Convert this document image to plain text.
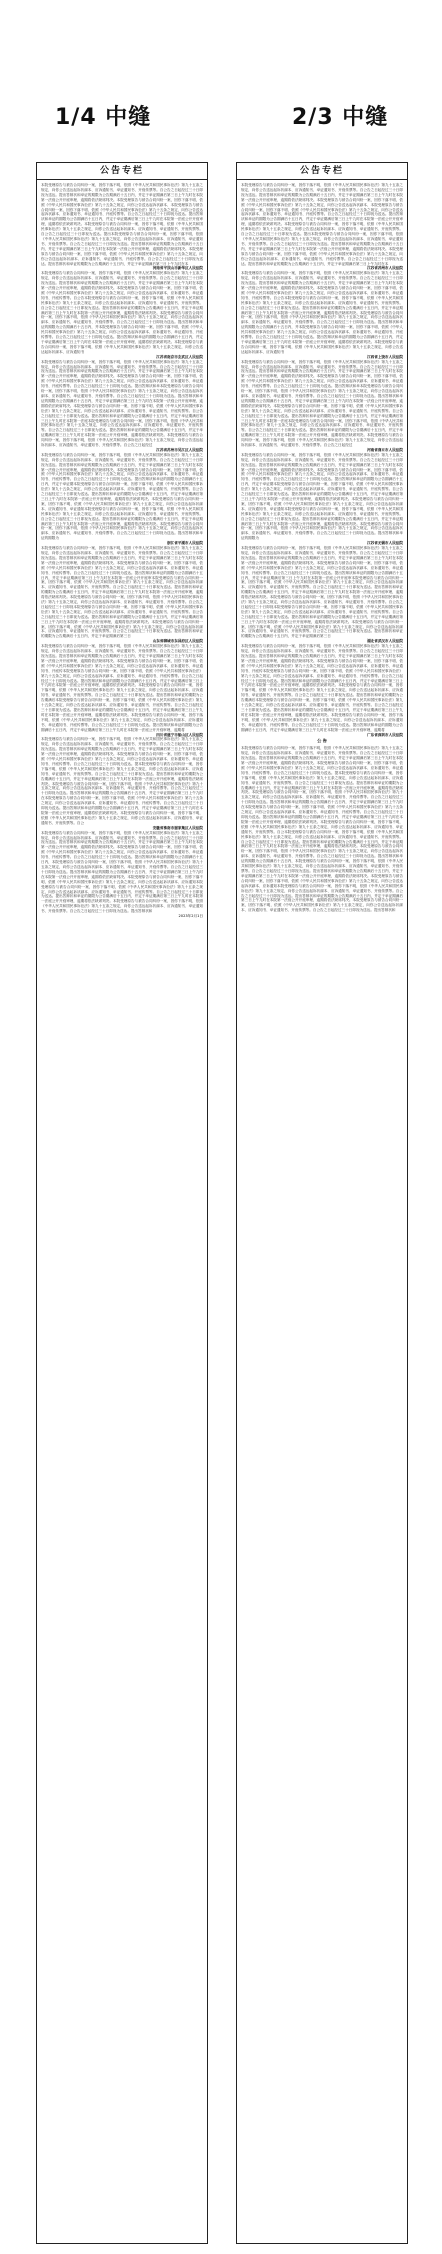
1/4 中缝	2/3 中缝
公告专栏
本院受理原告与被告合同纠纷一案，因你下落不明，依照《中华人民共和国民事诉讼法》第九十五条之规定，向你公告送达起诉状副本、应诉通知书、举证通知书、开庭传票等。自公告之日起经过三十日即视为送达。提出答辩状和举证的期限为公告期满后十五日内，并定于举证期满后第三日上午九时在本院第一法庭公开开庭审理，逾期将依法缺席判决。本院受理原告与被告合同纠纷一案，因你下落不明，依照《中华人民共和国民事诉讼法》第九十五条之规定，向你公告送达起诉状副本、本院受理原告与被告合同纠纷一案，因你下落不明，依照《中华人民共和国民事诉讼法》第九十五条之规定，向你公告送达起诉状副本、应诉通知书、举证通知书、开庭传票等。自公告之日起经过三十日即视为送达。提出答辩状和举证的期限为公告期满后十五日内，并定于举证期满后第三日上午九时在本院第一法庭公开开庭审理，逾期将依法缺席判决。本院受理原告与被告合同纠纷一案，因你下落不明，依照《中华人民共和国民事诉讼法》第九十五条之规定，向你公告送达起诉状副本、应诉通知书、举证通知书、开庭传票等。自公告之日起经过三十日即视为送达。提出本院受理原告与被告合同纠纷一案，因你下落不明，依照《中华人民共和国民事诉讼法》第九十五条之规定，向你公告送达起诉状副本、应诉通知书、举证通知书、开庭传票等。自公告之日起经过三十日即视为送达。提出答辩状和举证的期限为公告期满后十五日内，并定于举证期满后第三日上午九时在本院第一法庭公开开庭审理，逾期将依法缺席判决。本院受理原告与被告合同纠纷一案，因你下落不明，依照《中华人民共和国民事诉讼法》第九十五条之规定，向你公告送达起诉状副本、应诉通知书、举证通知书、开庭传票等。自公告之日起经过三十日即视为送达。提出答辩状和举证的期限为公告期满后十五日内，并定于举证期满后第三日上午九时在本
河南省平顶山市新华区人民法院
本院受理原告与被告合同纠纷一案，因你下落不明，依照《中华人民共和国民事诉讼法》第九十五条之规定，向你公告送达起诉状副本、应诉通知书、举证通知书、开庭传票等。自公告之日起经过三十日即视为送达。提出答辩状和举证的期限为公告期满后十五日内，并定于举证期满后第三日上午九时在本院第一法庭公开开庭审理，逾期将依法缺席判决。本院受理原告与被告合同纠纷一案，因你下落不明，依照《中华人民共和国民事诉讼法》第九十五条之规定，向你公告送达起诉状副本、应诉通知书、举证通知书、开庭传票等。自公告本院受理原告与被告合同纠纷一案，因你下落不明，依照《中华人民共和国民事诉讼法》第九十五条之规定，向你公告送达起诉状副本、应诉通知书、举证通知书、开庭传票等。自公告之日起经过三十日即视为送达。提出答辩状和举证的期限为公告期满后十五日内，并定于举证期满后第三日上午九时在本院第一法庭公开开庭审理，逾期将依法缺席判决。本院受理原告与被告合同纠纷一案，因你下落不明，依照《中华人民共和国民事诉讼法》第九十五条之规定，向你公告送达起诉状副本、应诉通知书、举证通知书、开庭传票等。自公告之日起经过三十日即视为送达。提出答辩状和举证的期限为公告期满后十五日内，并本院受理原告与被告合同纠纷一案，因你下落不明，依照《中华人民共和国民事诉讼法》第九十五条之规定，向你公告送达起诉状副本、应诉通知书、举证通知书、开庭传票等。自公告之日起经过三十日即视为送达。提出答辩状和举证的期限为公告期满后十五日内，并定于举证期满后第三日上午九时在本院第一法庭公开开庭审理，逾期将依法缺席判决。本院受理原告与被告合同纠纷一案，因你下落不明，依照《中华人民共和国民事诉讼法》第九十五条之规定，向你公告送达起诉状副本、应诉通知书
江苏省南京市玄武区人民法院
本院受理原告与被告合同纠纷一案，因你下落不明，依照《中华人民共和国民事诉讼法》第九十五条之规定，向你公告送达起诉状副本、应诉通知书、举证通知书、开庭传票等。自公告之日起经过三十日即视为送达。提出答辩状和举证的期限为公告期满后十五日内，并定于举证期满后第三日上午九时在本院第一法庭公开开庭审理，逾期将依法缺席判决。本院受理原告与被告合同纠纷一案，因你下落不明，依照《中华人民共和国民事诉讼法》第九十五条之规定，向你公告送达起诉状副本、应诉通知书、举证通知书、开庭传票等。自公告之日起经过三十日即视为送达。提出答辩状和举本院受理原告与被告合同纠纷一案，因你下落不明，依照《中华人民共和国民事诉讼法》第九十五条之规定，向你公告送达起诉状副本、应诉通知书、举证通知书、开庭传票等。自公告之日起经过三十日即视为送达。提出答辩状和举证的期限为公告期满后十五日内，并定于举证期满后第三日上午九时在本院第一法庭公开开庭审理，逾期将依法缺席判决。本院受理原告与被告合同纠纷一案，因你下落不明，依照《中华人民共和国民事诉讼法》第九十五条之规定，向你公告送达起诉状副本、应诉通知书、举证通知书、开庭传票等。自公告之日起经过三十日即视为送达。提出答辩状和举证的期限为公告期满后十五日内，并定于举证期满后第三日上午九时在本院第一法庭本院受理原告与被告合同纠纷一案，因你下落不明，依照《中华人民共和国民事诉讼法》第九十五条之规定，向你公告送达起诉状副本、应诉通知书、举证通知书、开庭传票等。自公告之日起经过三十日即视为送达。提出答辩状和举证的期限为公告期满后十五日内，并定于举证期满后第三日上午九时在本院第一法庭公开开庭审理，逾期将依法缺席判决。本院受理原告与被告合同纠纷一案，因你下落不明，依照《中华人民共和国民事诉讼法》第九十五条之规定，向你公告送达起诉状副本、应诉通知书、举证通知书、开庭传票等。自公告之日起经过
江苏省苏州市吴江区人民法院
本院受理原告与被告合同纠纷一案，因你下落不明，依照《中华人民共和国民事诉讼法》第九十五条之规定，向你公告送达起诉状副本、应诉通知书、举证通知书、开庭传票等。自公告之日起经过三十日即视为送达。提出答辩状和举证的期限为公告期满后十五日内，并定于举证期满后第三日上午九时在本院第一法庭公开开庭审理，逾期将依法缺席判决。本院受理原告与被告合同纠纷一案，因你下落不明，依照《中华人民共和国民事诉讼法》第九十五条之规定，向你公告送达起诉状副本、应诉通知书、举证通知书、开庭传票等。自公告之日起经过三十日即视为送达。提出答辩状和举证的期限为公告期满后十五日内，并定于举证期本院受理原告与被告合同纠纷一案，因你下落不明，依照《中华人民共和国民事诉讼法》第九十五条之规定，向你公告送达起诉状副本、应诉通知书、举证通知书、开庭传票等。自公告之日起经过三十日即视为送达。提出答辩状和举证的期限为公告期满后十五日内，并定于举证期满后第三日上午九时在本院第一法庭公开开庭审理，逾期将依法缺席判决。本院受理原告与被告合同纠纷一案，因你下落不明，依照《中华人民共和国民事诉讼法》第九十五条之规定，向你公告送达起诉状副本、应诉通知书、举证通知本院受理原告与被告合同纠纷一案，因你下落不明，依照《中华人民共和国民事诉讼法》第九十五条之规定，向你公告送达起诉状副本、应诉通知书、举证通知书、开庭传票等。自公告之日起经过三十日即视为送达。提出答辩状和举证的期限为公告期满后十五日内，并定于举证期满后第三日上午九时在本院第一法庭公开开庭审理，逾期将依法缺席判决。本院受理原告与被告合同纠纷一案，因你下落不明，依照《中华人民共和国民事诉讼法》第九十五条之规定，向你公告送达起诉状副本、应诉通知书、举证通知书、开庭传票等。自公告之日起经过三十日即视为送达。提出答辩状和举证的期限为
浙江省平湖市人民法院
本院受理原告与被告合同纠纷一案，因你下落不明，依照《中华人民共和国民事诉讼法》第九十五条之规定，向你公告送达起诉状副本、应诉通知书、举证通知书、开庭传票等。自公告之日起经过三十日即视为送达。提出答辩状和举证的期限为公告期满后十五日内，并定于举证期满后第三日上午九时在本院第一法庭公开开庭审理，逾期将依法缺席判决。本院受理原告与被告合同纠纷一案，因你下落不明，依照《中华人民共和国民事诉讼法》第九十五条之规定，向你公告送达起诉状副本、应诉通知书、举证通知书、开庭传票等。自公告之日起经过三十日即视为送达。提出答辩状和举证的期限为公告期满后十五日内，并定于举证期满后第三日上午九时在本院第一法庭公开开庭审本院受理原告与被告合同纠纷一案，因你下落不明，依照《中华人民共和国民事诉讼法》第九十五条之规定，向你公告送达起诉状副本、应诉通知书、举证通知书、开庭传票等。自公告之日起经过三十日即视为送达。提出答辩状和举证的期限为公告期满后十五日内，并定于举证期满后第三日上午九时在本院第一法庭公开开庭审理，逾期将依法缺席判决。本院受理原告与被告合同纠纷一案，因你下落不明，依照《中华人民共和国民事诉讼法》第九十五条之规定，向你公告送达起诉状副本、应诉通知书、举证通知书、开庭传票等。自公告之日起经过三十日即视本院受理原告与被告合同纠纷一案，因你下落不明，依照《中华人民共和国民事诉讼法》第九十五条之规定，向你公告送达起诉状副本、应诉通知书、举证通知书、开庭传票等。自公告之日起经过三十日即视为送达。提出答辩状和举证的期限为公告期满后十五日内，并定于举证期满后第三日上午九时在本院第一法庭公开开庭审理，逾期将依法缺席判决。本院受理原告与被告合同纠纷一案，因你下落不明，依照《中华人民共和国民事诉讼法》第九十五条之规定，向你公告送达起诉状副本、应诉通知书、举证通知书、开庭传票等。自公告之日起经过三十日即视为送达。提出答辩状和举证的期限为公告期满后十五日内，并定于举证期满后第三日
山东省聊城市东昌府区人民法院
本院受理原告与被告合同纠纷一案，因你下落不明，依照《中华人民共和国民事诉讼法》第九十五条之规定，向你公告送达起诉状副本、应诉通知书、举证通知书、开庭传票等。自公告之日起经过三十日即视为送达。提出答辩状和举证的期限为公告期满后十五日内，并定于举证期满后第三日上午九时在本院第一法庭公开开庭审理，逾期将依法缺席判决。本院受理原告与被告合同纠纷一案，因你下落不明，依照《中华人民共和国民事诉讼法》第九十五条之规定，向你公告送达起诉状副本、应诉通知书、举证通知书、开庭传本院受理原告与被告合同纠纷一案，因你下落不明，依照《中华人民共和国民事诉讼法》第九十五条之规定，向你公告送达起诉状副本、应诉通知书、举证通知书、开庭传票等。自公告之日起经过三十日即视为送达。提出答辩状和举证的期限为公告期满后十五日内，并定于举证期满后第三日上午九时在本院第一法庭公开开庭审理，逾期将依法缺席判决。本院受理原告与被告合同纠纷一案，因你下落不明，依照《中华人民共和国民事诉讼法》第九十五条之规定，向你公告送达起诉状副本、应诉通知书、举证通知书、开庭传票等。自公告之日起经过三十日即视为送达。提出答辩状和举证的期限为公告期满后本院受理原告与被告合同纠纷一案，因你下落不明，依照《中华人民共和国民事诉讼法》第九十五条之规定，向你公告送达起诉状副本、应诉通知书、举证通知书、开庭传票等。自公告之日起经过三十日即视为送达。提出答辩状和举证的期限为公告期满后十五日内，并定于举证期满后第三日上午九时在本院第一法庭公开开庭审理，逾期将依法缺席判决。本院受理原告与被告合同纠纷一案，因你下落不明，依照《中华人民共和国民事诉讼法》第九十五条之规定，向你公告送达起诉状副本、应诉通知书、举证通知书、开庭传票等。自公告之日起经过三十日即视为送达。提出答辩状和举证的期限为公告期满后十五日内，并定于举证期满后第三日上午九时在本院第一法庭公开开庭审理，逾期将
四川省遂宁市船山区人民法院
本院受理原告与被告合同纠纷一案，因你下落不明，依照《中华人民共和国民事诉讼法》第九十五条之规定，向你公告送达起诉状副本、应诉通知书、举证通知书、开庭传票等。自公告之日起经过三十日即视为送达。提出答辩状和举证的期限为公告期满后十五日内，并定于举证期满后第三日上午九时在本院第一法庭公开开庭审理，逾期将依法缺席判决。本院受理原告与被告合同纠纷一案，因你下落不明，依照《中华人民共和国民事诉讼法》第九十五条之规定，向你公告送达起诉状副本、应诉通知书、举证通知书、开庭传票等。自公告之日起经过三十日即视为送达。提本院受理原告与被告合同纠纷一案，因你下落不明，依照《中华人民共和国民事诉讼法》第九十五条之规定，向你公告送达起诉状副本、应诉通知书、举证通知书、开庭传票等。自公告之日起经过三十日即视为送达。提出答辩状和举证的期限为公告期满后十五日内，并定于举证期满后第三日上午九时在本院第一法庭公开开庭审理，逾期将依法缺席判决。本院受理原告与被告合同纠纷一案，因你下落不明，依照《中华人民共和国民事诉讼法》第九十五条之规定，向你公告送达起诉状副本、应诉通知书、举证通知书、开庭传票等。自公告之日起经过三十日即视为送达。提出答辩状和举证的期限为公告期满后十五日内，并定于举证期满后第三日上午九时在本院受理原告与被告合同纠纷一案，因你下落不明，依照《中华人民共和国民事诉讼法》第九十五条之规定，向你公告送达起诉状副本、应诉通知书、举证通知书、开庭传票等。自公告之日起经过三十日即视为送达。提出答辩状和举证的期限为公告期满后十五日内，并定于举证期满后第三日上午九时在本院第一法庭公开开庭审理，逾期将依法缺席判决。本院受理原告与被告合同纠纷一案，因你下落不明，依照《中华人民共和国民事诉讼法》第九十五条之规定，向你公告送达起诉状副本、应诉通知书、举证通知书、开庭传票等。自公
安徽省淮南市谢家集区人民法院
本院受理原告与被告合同纠纷一案，因你下落不明，依照《中华人民共和国民事诉讼法》第九十五条之规定，向你公告送达起诉状副本、应诉通知书、举证通知书、开庭传票等。自公告之日起经过三十日即视为送达。提出答辩状和举证的期限为公告期满后十五日内，并定于举证期满后第三日上午九时在本院第一法庭公开开庭审理，逾期将依法缺席判决。本院受理原告与被告合同纠纷一案，因你下落不明，依照《中华人民共和国民事诉讼法》第九十五条之规定，向你公告送达起诉状副本、应诉通知书、举证通知书、开庭传票等。自公告之日起经过三十日即视为送达。提出答辩状和举证的期限为公告期满后十五日内，本院受理原告与被告合同纠纷一案，因你下落不明，依照《中华人民共和国民事诉讼法》第九十五条之规定，向你公告送达起诉状副本、应诉通知书、举证通知书、开庭传票等。自公告之日起经过三十日即视为送达。提出答辩状和举证的期限为公告期满后十五日内，并定于举证期满后第三日上午九时在本院第一法庭公开开庭审理，逾期将依法缺席判决。本院受理原告与被告合同纠纷一案，因你下落不明，依照《中华人民共和国民事诉讼法》第九十五条之规定，向你公告送达起诉状副本、应诉通知本院受理原告与被告合同纠纷一案，因你下落不明，依照《中华人民共和国民事诉讼法》第九十五条之规定，向你公告送达起诉状副本、应诉通知书、举证通知书、开庭传票等。自公告之日起经过三十日即视为送达。提出答辩状和举证的期限为公告期满后十五日内，并定于举证期满后第三日上午九时在本院第一法庭公开开庭审理，逾期将依法缺席判决。本院受理原告与被告合同纠纷一案，因你下落不明，依照《中华人民共和国民事诉讼法》第九十五条之规定，向你公告送达起诉状副本、应诉通知书、举证通知书、开庭传票等。自公告之日起经过三十日即视为送达。提出答辩状和
2023年2月1日
公告专栏
本院受理原告与被告合同纠纷一案，因你下落不明，依照《中华人民共和国民事诉讼法》第九十五条之规定，向你公告送达起诉状副本、应诉通知书、举证通知书、开庭传票等。自公告之日起经过三十日即视为送达。提出答辩状和举证的期限为公告期满后十五日内，并定于举证期满后第三日上午九时在本院第一法庭公开开庭审理，逾期将依法缺席判决。本院受理原告与被告合同纠纷一案，因你下落不明，依照《中华人民共和国民事诉讼法》第九十五条之规定，向你公告送达起诉状副本、本院受理原告与被告合同纠纷一案，因你下落不明，依照《中华人民共和国民事诉讼法》第九十五条之规定，向你公告送达起诉状副本、应诉通知书、举证通知书、开庭传票等。自公告之日起经过三十日即视为送达。提出答辩状和举证的期限为公告期满后十五日内，并定于举证期满后第三日上午九时在本院第一法庭公开开庭审理，逾期将依法缺席判决。本院受理原告与被告合同纠纷一案，因你下落不明，依照《中华人民共和国民事诉讼法》第九十五条之规定，向你公告送达起诉状副本、应诉通知书、举证通知书、开庭传票等。自公告之日起经过三十日即视为送达。提出本院受理原告与被告合同纠纷一案，因你下落不明，依照《中华人民共和国民事诉讼法》第九十五条之规定，向你公告送达起诉状副本、应诉通知书、举证通知书、开庭传票等。自公告之日起经过三十日即视为送达。提出答辩状和举证的期限为公告期满后十五日内，并定于举证期满后第三日上午九时在本院第一法庭公开开庭审理，逾期将依法缺席判决。本院受理原告与被告合同纠纷一案，因你下落不明，依照《中华人民共和国民事诉讼法》第九十五条之规定，向你公告送达起诉状副本、应诉通知书、举证通知书、开庭传票等。自公告之日起经过三十日即视为送达。提出答辩状和举证的期限为公告期满后十五日内，并定于举证期满后第三日上午九时在本
江苏省苏州市人民法院
本院受理原告与被告合同纠纷一案，因你下落不明，依照《中华人民共和国民事诉讼法》第九十五条之规定，向你公告送达起诉状副本、应诉通知书、举证通知书、开庭传票等。自公告之日起经过三十日即视为送达。提出答辩状和举证的期限为公告期满后十五日内，并定于举证期满后第三日上午九时在本院第一法庭公开开庭审理，逾期将依法缺席判决。本院受理原告与被告合同纠纷一案，因你下落不明，依照《中华人民共和国民事诉讼法》第九十五条之规定，向你公告送达起诉状副本、应诉通知书、举证通知书、开庭传票等。自公告本院受理原告与被告合同纠纷一案，因你下落不明，依照《中华人民共和国民事诉讼法》第九十五条之规定，向你公告送达起诉状副本、应诉通知书、举证通知书、开庭传票等。自公告之日起经过三十日即视为送达。提出答辩状和举证的期限为公告期满后十五日内，并定于举证期满后第三日上午九时在本院第一法庭公开开庭审理，逾期将依法缺席判决。本院受理原告与被告合同纠纷一案，因你下落不明，依照《中华人民共和国民事诉讼法》第九十五条之规定，向你公告送达起诉状副本、应诉通知书、举证通知书、开庭传票等。自公告之日起经过三十日即视为送达。提出答辩状和举证的期限为公告期满后十五日内，并本院受理原告与被告合同纠纷一案，因你下落不明，依照《中华人民共和国民事诉讼法》第九十五条之规定，向你公告送达起诉状副本、应诉通知书、举证通知书、开庭传票等。自公告之日起经过三十日即视为送达。提出答辩状和举证的期限为公告期满后十五日内，并定于举证期满后第三日上午九时在本院第一法庭公开开庭审理，逾期将依法缺席判决。本院受理原告与被告合同纠纷一案，因你下落不明，依照《中华人民共和国民事诉讼法》第九十五条之规定，向你公告送达起诉状副本、应诉通知书
江西省上饶市人民法院
本院受理原告与被告合同纠纷一案，因你下落不明，依照《中华人民共和国民事诉讼法》第九十五条之规定，向你公告送达起诉状副本、应诉通知书、举证通知书、开庭传票等。自公告之日起经过三十日即视为送达。提出答辩状和举证的期限为公告期满后十五日内，并定于举证期满后第三日上午九时在本院第一法庭公开开庭审理，逾期将依法缺席判决。本院受理原告与被告合同纠纷一案，因你下落不明，依照《中华人民共和国民事诉讼法》第九十五条之规定，向你公告送达起诉状副本、应诉通知书、举证通知书、开庭传票等。自公告之日起经过三十日即视为送达。提出答辩状和举本院受理原告与被告合同纠纷一案，因你下落不明，依照《中华人民共和国民事诉讼法》第九十五条之规定，向你公告送达起诉状副本、应诉通知书、举证通知书、开庭传票等。自公告之日起经过三十日即视为送达。提出答辩状和举证的期限为公告期满后十五日内，并定于举证期满后第三日上午九时在本院第一法庭公开开庭审理，逾期将依法缺席判决。本院受理原告与被告合同纠纷一案，因你下落不明，依照《中华人民共和国民事诉讼法》第九十五条之规定，向你公告送达起诉状副本、应诉通知书、举证通知书、开庭传票等。自公告之日起经过三十日即视为送达。提出答辩状和举证的期限为公告期满后十五日内，并定于举证期满后第三日上午九时在本院第一法庭本院受理原告与被告合同纠纷一案，因你下落不明，依照《中华人民共和国民事诉讼法》第九十五条之规定，向你公告送达起诉状副本、应诉通知书、举证通知书、开庭传票等。自公告之日起经过三十日即视为送达。提出答辩状和举证的期限为公告期满后十五日内，并定于举证期满后第三日上午九时在本院第一法庭公开开庭审理，逾期将依法缺席判决。本院受理原告与被告合同纠纷一案，因你下落不明，依照《中华人民共和国民事诉讼法》第九十五条之规定，向你公告送达起诉状副本、应诉通知书、举证通知书、开庭传票等。自公告之日起经过
河南省商丘市人民法院
本院受理原告与被告合同纠纷一案，因你下落不明，依照《中华人民共和国民事诉讼法》第九十五条之规定，向你公告送达起诉状副本、应诉通知书、举证通知书、开庭传票等。自公告之日起经过三十日即视为送达。提出答辩状和举证的期限为公告期满后十五日内，并定于举证期满后第三日上午九时在本院第一法庭公开开庭审理，逾期将依法缺席判决。本院受理原告与被告合同纠纷一案，因你下落不明，依照《中华人民共和国民事诉讼法》第九十五条之规定，向你公告送达起诉状副本、应诉通知书、举证通知书、开庭传票等。自公告之日起经过三十日即视为送达。提出答辩状和举证的期限为公告期满后十五日内，并定于举证期本院受理原告与被告合同纠纷一案，因你下落不明，依照《中华人民共和国民事诉讼法》第九十五条之规定，向你公告送达起诉状副本、应诉通知书、举证通知书、开庭传票等。自公告之日起经过三十日即视为送达。提出答辩状和举证的期限为公告期满后十五日内，并定于举证期满后第三日上午九时在本院第一法庭公开开庭审理，逾期将依法缺席判决。本院受理原告与被告合同纠纷一案，因你下落不明，依照《中华人民共和国民事诉讼法》第九十五条之规定，向你公告送达起诉状副本、应诉通知书、举证通知本院受理原告与被告合同纠纷一案，因你下落不明，依照《中华人民共和国民事诉讼法》第九十五条之规定，向你公告送达起诉状副本、应诉通知书、举证通知书、开庭传票等。自公告之日起经过三十日即视为送达。提出答辩状和举证的期限为公告期满后十五日内，并定于举证期满后第三日上午九时在本院第一法庭公开开庭审理，逾期将依法缺席判决。本院受理原告与被告合同纠纷一案，因你下落不明，依照《中华人民共和国民事诉讼法》第九十五条之规定，向你公告送达起诉状副本、应诉通知书、举证通知书、开庭传票等。自公告之日起经过三十日即视为送达。提出答辩状和举证的期限为
江苏省无锡市人民法院
本院受理原告与被告合同纠纷一案，因你下落不明，依照《中华人民共和国民事诉讼法》第九十五条之规定，向你公告送达起诉状副本、应诉通知书、举证通知书、开庭传票等。自公告之日起经过三十日即视为送达。提出答辩状和举证的期限为公告期满后十五日内，并定于举证期满后第三日上午九时在本院第一法庭公开开庭审理，逾期将依法缺席判决。本院受理原告与被告合同纠纷一案，因你下落不明，依照《中华人民共和国民事诉讼法》第九十五条之规定，向你公告送达起诉状副本、应诉通知书、举证通知书、开庭传票等。自公告之日起经过三十日即视为送达。提出答辩状和举证的期限为公告期满后十五日内，并定于举证期满后第三日上午九时在本院第一法庭公开开庭审本院受理原告与被告合同纠纷一案，因你下落不明，依照《中华人民共和国民事诉讼法》第九十五条之规定，向你公告送达起诉状副本、应诉通知书、举证通知书、开庭传票等。自公告之日起经过三十日即视为送达。提出答辩状和举证的期限为公告期满后十五日内，并定于举证期满后第三日上午九时在本院第一法庭公开开庭审理，逾期将依法缺席判决。本院受理原告与被告合同纠纷一案，因你下落不明，依照《中华人民共和国民事诉讼法》第九十五条之规定，向你公告送达起诉状副本、应诉通知书、举证通知书、开庭传票等。自公告之日起经过三十日即视本院受理原告与被告合同纠纷一案，因你下落不明，依照《中华人民共和国民事诉讼法》第九十五条之规定，向你公告送达起诉状副本、应诉通知书、举证通知书、开庭传票等。自公告之日起经过三十日即视为送达。提出答辩状和举证的期限为公告期满后十五日内，并定于举证期满后第三日上午九时在本院第一法庭公开开庭审理，逾期将依法缺席判决。本院受理原告与被告合同纠纷一案，因你下落不明，依照《中华人民共和国民事诉讼法》第九十五条之规定，向你公告送达起诉状副本、应诉通知书、举证通知书、开庭传票等。自公告之日起经过三十日即视为送达。提出答辩状和举证的期限为公告期满后十五日内，并定于举证期满后第三日
湖北省武汉市人民法院
本院受理原告与被告合同纠纷一案，因你下落不明，依照《中华人民共和国民事诉讼法》第九十五条之规定，向你公告送达起诉状副本、应诉通知书、举证通知书、开庭传票等。自公告之日起经过三十日即视为送达。提出答辩状和举证的期限为公告期满后十五日内，并定于举证期满后第三日上午九时在本院第一法庭公开开庭审理，逾期将依法缺席判决。本院受理原告与被告合同纠纷一案，因你下落不明，依照《中华人民共和国民事诉讼法》第九十五条之规定，向你公告送达起诉状副本、应诉通知书、举证通知书、开庭传本院受理原告与被告合同纠纷一案，因你下落不明，依照《中华人民共和国民事诉讼法》第九十五条之规定，向你公告送达起诉状副本、应诉通知书、举证通知书、开庭传票等。自公告之日起经过三十日即视为送达。提出答辩状和举证的期限为公告期满后十五日内，并定于举证期满后第三日上午九时在本院第一法庭公开开庭审理，逾期将依法缺席判决。本院受理原告与被告合同纠纷一案，因你下落不明，依照《中华人民共和国民事诉讼法》第九十五条之规定，向你公告送达起诉状副本、应诉通知书、举证通知书、开庭传票等。自公告之日起经过三十日即视为送达。提出答辩状和举证的期限为公告期满后本院受理原告与被告合同纠纷一案，因你下落不明，依照《中华人民共和国民事诉讼法》第九十五条之规定，向你公告送达起诉状副本、应诉通知书、举证通知书、开庭传票等。自公告之日起经过三十日即视为送达。提出答辩状和举证的期限为公告期满后十五日内，并定于举证期满后第三日上午九时在本院第一法庭公开开庭审理，逾期将依法缺席判决。本院受理原告与被告合同纠纷一案，因你下落不明，依照《中华人民共和国民事诉讼法》第九十五条之规定，向你公告送达起诉状副本、应诉通知书、举证通知书、开庭传票等。自公告之日起经过三十日即视为送达。提出答辩状和举证的期限为公告期满后十五日内，并定于举证期满后第三日上午九时在本院第一法庭公开开庭审理，逾期将
广东省深圳市人民法院
公 告
本院受理原告与被告合同纠纷一案，因你下落不明，依照《中华人民共和国民事诉讼法》第九十五条之规定，向你公告送达起诉状副本、应诉通知书、举证通知书、开庭传票等。自公告之日起经过三十日即视为送达。提出答辩状和举证的期限为公告期满后十五日内，并定于举证期满后第三日上午九时在本院第一法庭公开开庭审理，逾期将依法缺席判决。本院受理原告与被告合同纠纷一案，因你下落不明，依照《中华人民共和国民事诉讼法》第九十五条之规定，向你公告送达起诉状副本、应诉通知书、举证通知书、开庭传票等。自公告之日起经过三十日即视为送达。提本院受理原告与被告合同纠纷一案，因你下落不明，依照《中华人民共和国民事诉讼法》第九十五条之规定，向你公告送达起诉状副本、应诉通知书、举证通知书、开庭传票等。自公告之日起经过三十日即视为送达。提出答辩状和举证的期限为公告期满后十五日内，并定于举证期满后第三日上午九时在本院第一法庭公开开庭审理，逾期将依法缺席判决。本院受理原告与被告合同纠纷一案，因你下落不明，依照《中华人民共和国民事诉讼法》第九十五条之规定，向你公告送达起诉状副本、应诉通知书、举证通知书、开庭传票等。自公告之日起经过三十日即视为送达。提出答辩状和举证的期限为公告期满后十五日内，并定于举证期满后第三日上午九时在本院受理原告与被告合同纠纷一案，因你下落不明，依照《中华人民共和国民事诉讼法》第九十五条之规定，向你公告送达起诉状副本、应诉通知书、举证通知书、开庭传票等。自公告之日起经过三十日即视为送达。提出答辩状和举证的期限为公告期满后十五日内，并定于举证期满后第三日上午九时在本院第一法庭公开开庭审理，逾期将依法缺席判决。本院受理原告与被告合同纠纷一案，因你下落不明，依照《中华人民共和国民事诉讼法》第九十五条之规定，向你公告送达起诉状副本、应诉通知书、举证通知书、开庭传票等。自公本院受理原告与被告合同纠纷一案，因你下落不明，依照《中华人民共和国民事诉讼法》第九十五条之规定，向你公告送达起诉状副本、应诉通知书、举证通知书、开庭传票等。自公告之日起经过三十日即视为送达。提出答辩状和举证的期限为公告期满后十五日内，并定于举证期满后第三日上午九时在本院第一法庭公开开庭审理，逾期将依法缺席判决。本院受理原告与被告合同纠纷一案，因你下落不明，依照《中华人民共和国民事诉讼法》第九十五条之规定，向你公告送达起诉状副本、应诉通知书、举证通知书、开庭传票等。自公告之日起经过三十日即视为送达。提出答辩状和举证的期限为公告期满后十五日内，本院受理原告与被告合同纠纷一案，因你下落不明，依照《中华人民共和国民事诉讼法》第九十五条之规定，向你公告送达起诉状副本、应诉通知书、举证通知书、开庭传票等。自公告之日起经过三十日即视为送达。提出答辩状和举证的期限为公告期满后十五日内，并定于举证期满后第三日上午九时在本院第一法庭公开开庭审理，逾期将依法缺席判决。本院受理原告与被告合同纠纷一案，因你下落不明，依照《中华人民共和国民事诉讼法》第九十五条之规定，向你公告送达起诉状副本、应诉通知本院受理原告与被告合同纠纷一案，因你下落不明，依照《中华人民共和国民事诉讼法》第九十五条之规定，向你公告送达起诉状副本、应诉通知书、举证通知书、开庭传票等。自公告之日起经过三十日即视为送达。提出答辩状和举证的期限为公告期满后十五日内，并定于举证期满后第三日上午九时在本院第一法庭公开开庭审理，逾期将依法缺席判决。本院受理原告与被告合同纠纷一案，因你下落不明，依照《中华人民共和国民事诉讼法》第九十五条之规定，向你公告送达起诉状副本、应诉通知书、举证通知书、开庭传票等。自公告之日起经过三十日即视为送达。提出答辩状和
